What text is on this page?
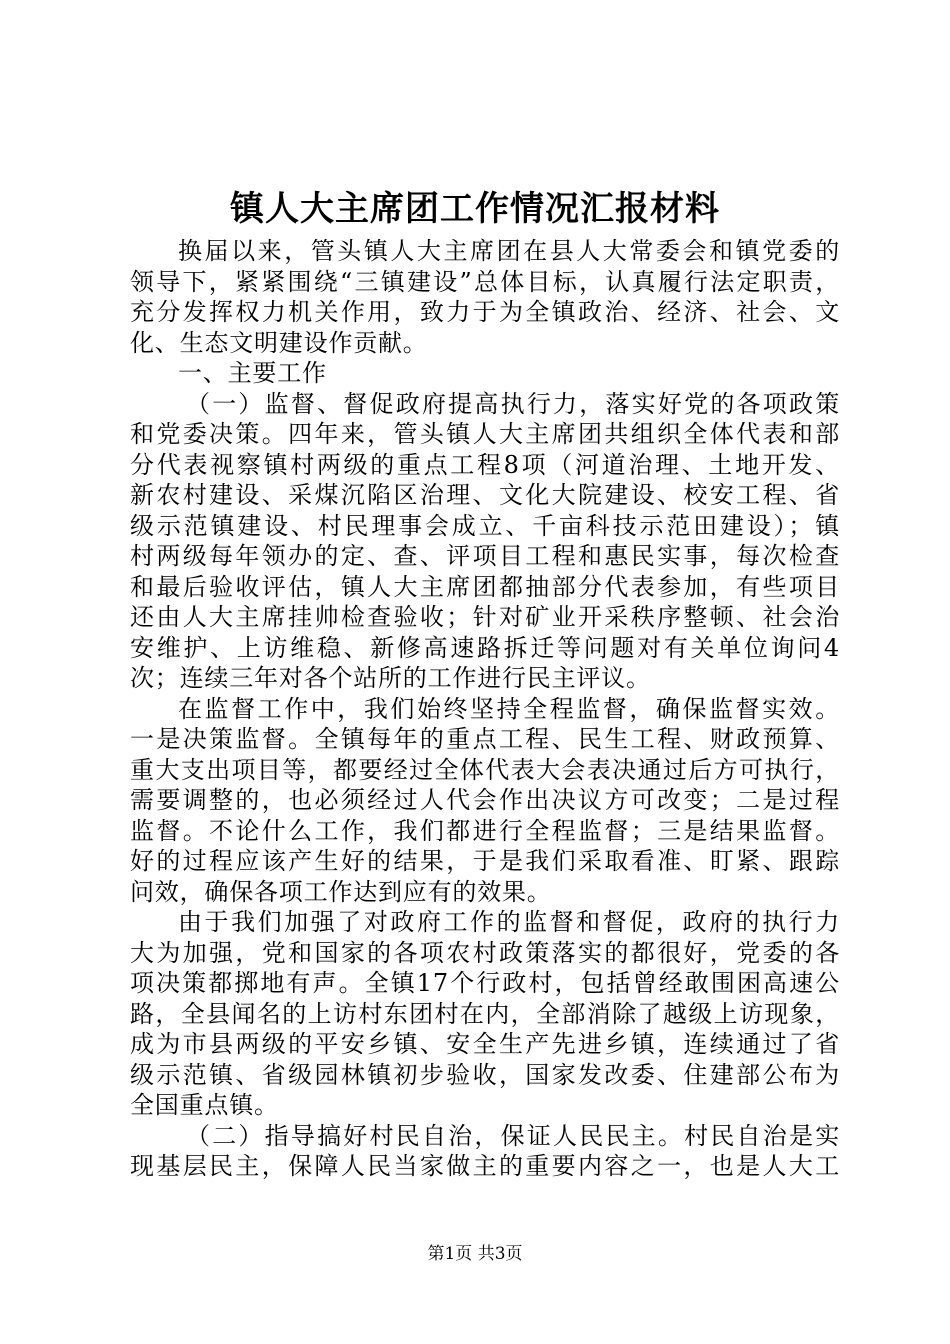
镇人大主席团工作情况汇报材料
换届以来，管头镇人大主席团在县人大常委会和镇党委的
领导下，紧紧围绕“三镇建设”总体目标，认真履行法定职责，
充分发挥权力机关作用，致力于为全镇政治、经济、社会、文
化、生态文明建设作贡献。
一、主要工作
（一）监督、督促政府提高执行力，落实好党的各项政策
和党委决策。四年来，管头镇人大主席团共组织全体代表和部
分代表视察镇村两级的重点工程8项（河道治理、土地开发、
新农村建设、采煤沉陷区治理、文化大院建设、校安工程、省
级示范镇建设、村民理事会成立、千亩科技示范田建设）；镇
村两级每年领办的定、查、评项目工程和惠民实事，每次检查
和最后验收评估，镇人大主席团都抽部分代表参加，有些项目
还由人大主席挂帅检查验收；针对矿业开采秩序整顿、社会治
安维护、上访维稳、新修高速路拆迁等问题对有关单位询问4
次；连续三年对各个站所的工作进行民主评议。
在监督工作中，我们始终坚持全程监督，确保监督实效。
一是决策监督。全镇每年的重点工程、民生工程、财政预算、
重大支出项目等，都要经过全体代表大会表决通过后方可执行，
需要调整的，也必须经过人代会作出决议方可改变；二是过程
监督。不论什么工作，我们都进行全程监督；三是结果监督。
好的过程应该产生好的结果，于是我们采取看准、盯紧、跟踪
问效，确保各项工作达到应有的效果。
由于我们加强了对政府工作的监督和督促，政府的执行力
大为加强，党和国家的各项农村政策落实的都很好，党委的各
项决策都掷地有声。全镇17个行政村，包括曾经敢围困高速公
路，全县闻名的上访村东团村在内，全部消除了越级上访现象，
成为市县两级的平安乡镇、安全生产先进乡镇，连续通过了省
级示范镇、省级园林镇初步验收，国家发改委、住建部公布为
全国重点镇。
（二）指导搞好村民自治，保证人民民主。村民自治是实
现基层民主，保障人民当家做主的重要内容之一，也是人大工
第1页 共3页
